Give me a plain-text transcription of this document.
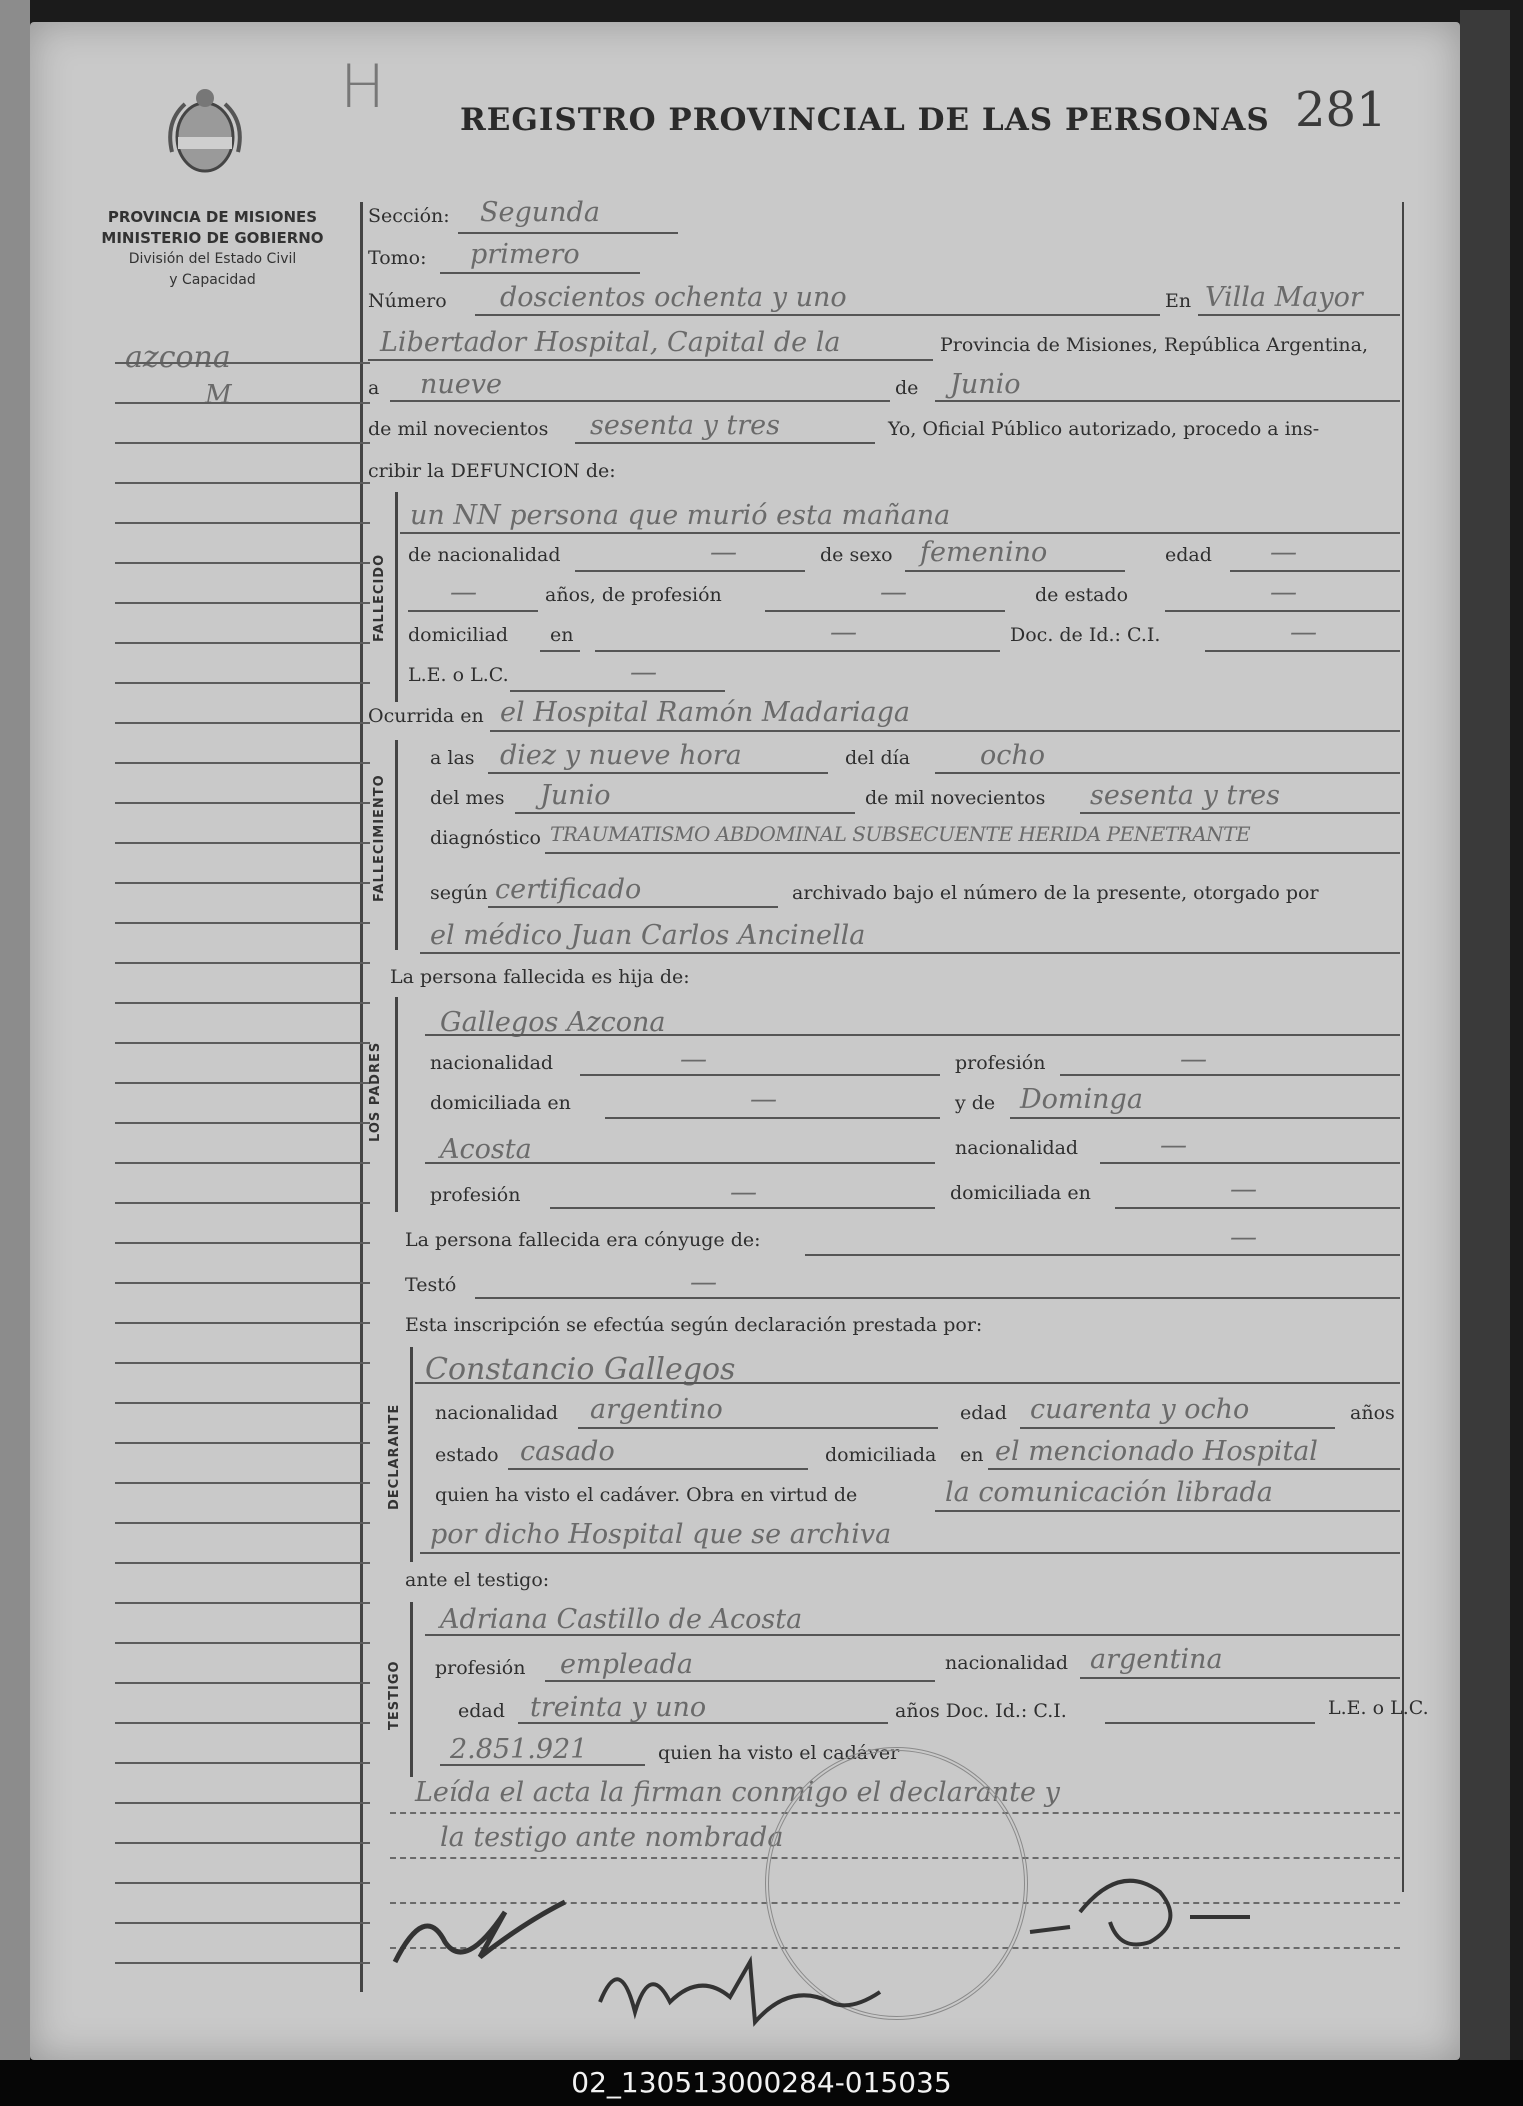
H REGISTRO PROVINCIAL DE LAS PERSONAS 281
PROVINCIA DE MISIONES
MINISTERIO DE GOBIERNO
División del Estado Civil
y Capacidad
azcona
M
Sección: Segunda
Tomo: primero
Número doscientos ochenta y uno	En Villa Mayor
Libertador Hospital, Capital de la	Provincia de Misiones, República Argentina,
a nueve	de Junio
de mil novecientos sesenta y tres	Yo, Oficial Público autorizado, procedo a ins-
cribir la DEFUNCION de:
FALLECIDO
un NN persona que murió esta mañana
de nacionalidad	—	de sexo femenino	edad —
—	años, de profesión	—	de estado	—
domiciliad en	—	Doc. de Id.: C.I.	—
L.E. o L.C.	—
Ocurrida en el Hospital Ramón Madariaga
FALLECIMIENTO
a las diez y nueve hora	del día	ocho
del mes Junio	de mil novecientos sesenta y tres
diagnóstico TRAUMATISMO ABDOMINAL SUBSECUENTE HERIDA PENETRANTE
según certificado	archivado bajo el número de la presente, otorgado por
el médico Juan Carlos Ancinella
La persona fallecida es hija de:
LOS PADRES
Gallegos Azcona
nacionalidad	—	profesión	—
domiciliada en	—	y de Dominga
Acosta	nacionalidad	—
profesión	—	domiciliada en	—
La persona fallecida era cónyuge de:	—
Testó	—
Esta inscripción se efectúa según declaración prestada por:
DECLARANTE
Constancio Gallegos
nacionalidad argentino	edad cuarenta y ocho	años
estado casado	domiciliada en el mencionado Hospital
quien ha visto el cadáver. Obra en virtud de	la comunicación librada
por dicho Hospital que se archiva
ante el testigo:
TESTIGO
Adriana Castillo de Acosta
profesión empleada	nacionalidad argentina
edad treinta y uno	años Doc. Id.: C.I.	L.E. o L.C.
2.851.921	quien ha visto el cadáver
Leída el acta la firman conmigo el declarante y
la testigo ante nombrada
02_130513000284-015035
